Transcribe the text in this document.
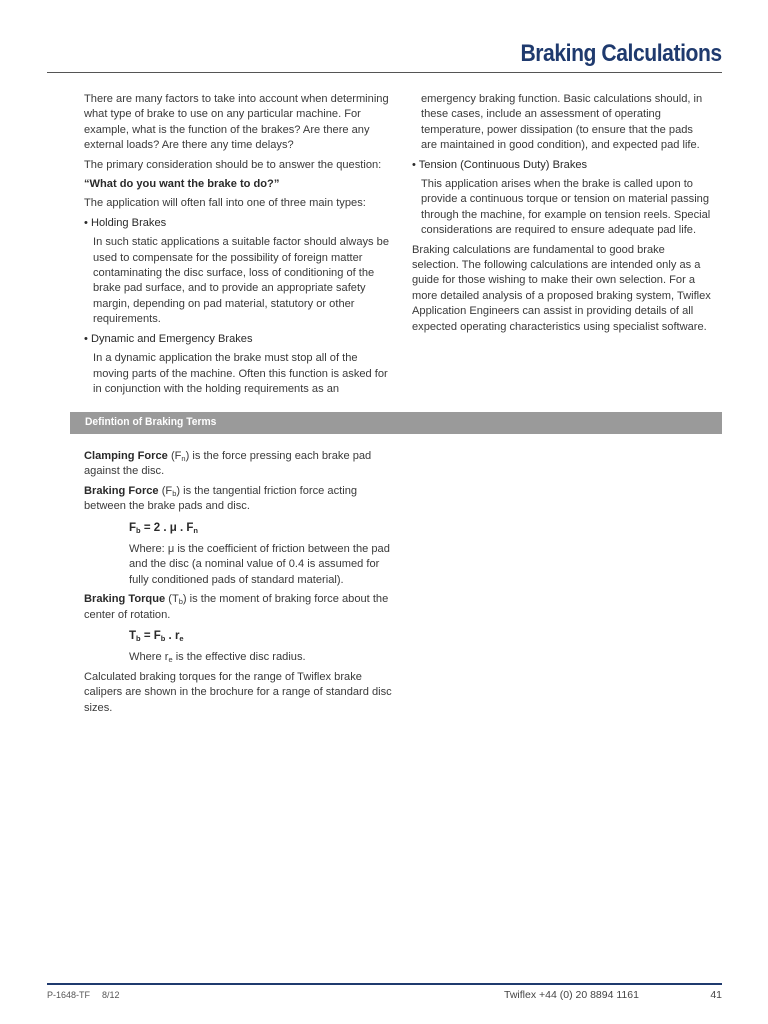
Braking Calculations

There are many factors to take into account when determining what type of brake to use on any particular machine. For example, what is the function of the brakes? Are there any external loads? Are there any time delays?

The primary consideration should be to answer the question:

“What do you want the brake to do?”

The application will often fall into one of three main types:

• Holding Brakes

In such static applications a suitable factor should always be used to compensate for the possibility of foreign matter contaminating the disc surface, loss of conditioning of the brake pad surface, and to provide an appropriate safety margin, depending on pad material, statutory or other requirements.

• Dynamic and Emergency Brakes

In a dynamic application the brake must stop all of the moving parts of the machine. Often this function is asked for in conjunction with the holding requirements as an

emergency braking function. Basic calculations should, in these cases, include an assessment of operating temperature, power dissipation (to ensure that the pads are maintained in good condition), and expected pad life.

• Tension (Continuous Duty) Brakes

This application arises when the brake is called upon to provide a continuous torque or tension on material passing through the machine, for example on tension reels. Special considerations are required to ensure adequate pad life.

Braking calculations are fundamental to good brake selection. The following calculations are intended only as a guide for those wishing to make their own selection. For a more detailed analysis of a proposed braking system, Twiflex Application Engineers can assist in providing details of all expected operating characteristics using specialist software.

Defintion of Braking Terms

Clamping Force $(F_n)$ is the force pressing each brake pad against the disc.

Braking Force $(F_b)$ is the tangential friction force acting between the brake pads and disc.

$F_b = 2$ . μ . $F_n$

Where: μ is the coefficient of friction between the pad and the disc (a nominal value of 0.4 is assumed for fully conditioned pads of standard material).

Braking Torque $(T_b)$ is the moment of braking force about the center of rotation.

$T_b = F_b$ . $r_e$

Where $r_e$ is the effective disc radius.

Calculated braking torques for the range of Twiflex brake calipers are shown in the brochure for a range of standard disc sizes.

P-1648-TF 8/12	Twiflex +44 (0) 20 8894 1161	41
